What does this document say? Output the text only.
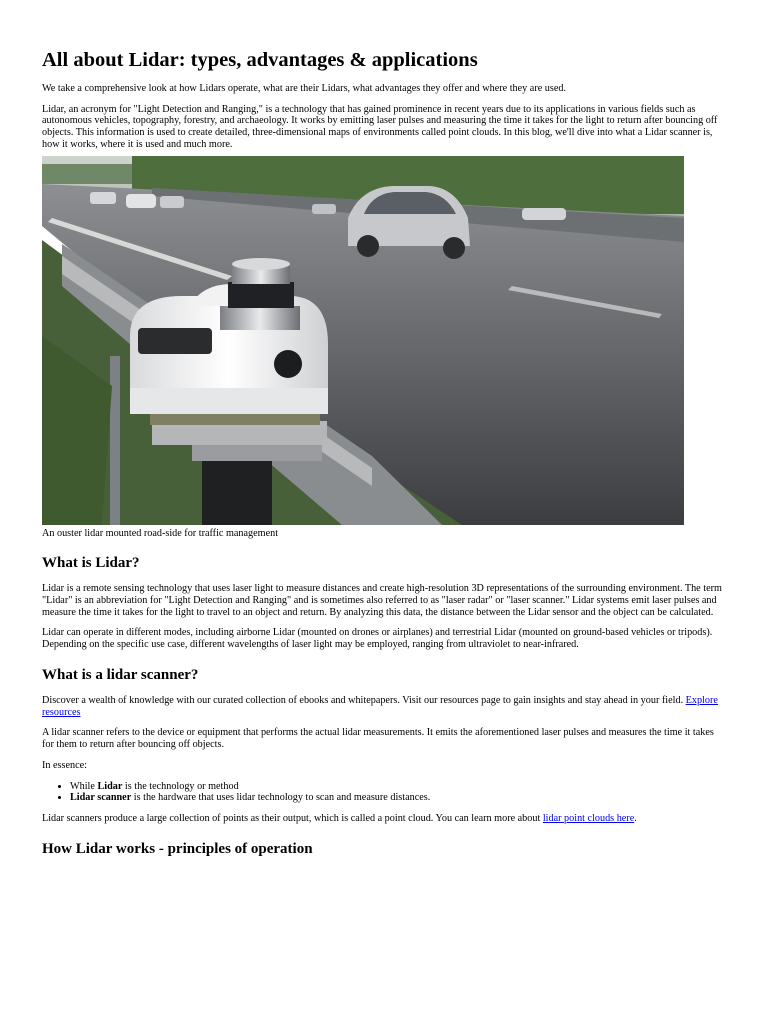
All about Lidar: types, advantages & applications

We take a comprehensive look at how Lidars operate, what are their Lidars, what advantages they offer and where they are used.

Lidar, an acronym for "Light Detection and Ranging," is a technology that has gained prominence in recent years due to its applications in various fields such as autonomous vehicles, topography, forestry, and archaeology. It works by emitting laser pulses and measuring the time it takes for the light to return after bouncing off objects. This information is used to create detailed, three-dimensional maps of environments called point clouds. In this blog, we'll dive into what a Lidar scanner is, how it works, where it is used and much more.

An ouster lidar mounted road-side for traffic management

What is Lidar?

Lidar is a remote sensing technology that uses laser light to measure distances and create high-resolution 3D representations of the surrounding environment. The term "Lidar" is an abbreviation for "Light Detection and Ranging" and is sometimes also referred to as "laser radar" or "laser scanner." Lidar systems emit laser pulses and measure the time it takes for the light to travel to an object and return. By analyzing this data, the distance between the Lidar sensor and the object can be calculated.

Lidar can operate in different modes, including airborne Lidar (mounted on drones or airplanes) and terrestrial Lidar (mounted on ground-based vehicles or tripods). Depending on the specific use case, different wavelengths of laser light may be employed, ranging from ultraviolet to near-infrared.

What is a lidar scanner?

Discover a wealth of knowledge with our curated collection of ebooks and whitepapers. Visit our resources page to gain insights and stay ahead in your field. Explore resources

A lidar scanner refers to the device or equipment that performs the actual lidar measurements. It emits the aforementioned laser pulses and measures the time it takes for them to return after bouncing off objects.

In essence:

• While Lidar is the technology or method
• Lidar scanner is the hardware that uses lidar technology to scan and measure distances.

Lidar scanners produce a large collection of points as their output, which is called a point cloud. You can learn more about lidar point clouds here.

How Lidar works - principles of operation
